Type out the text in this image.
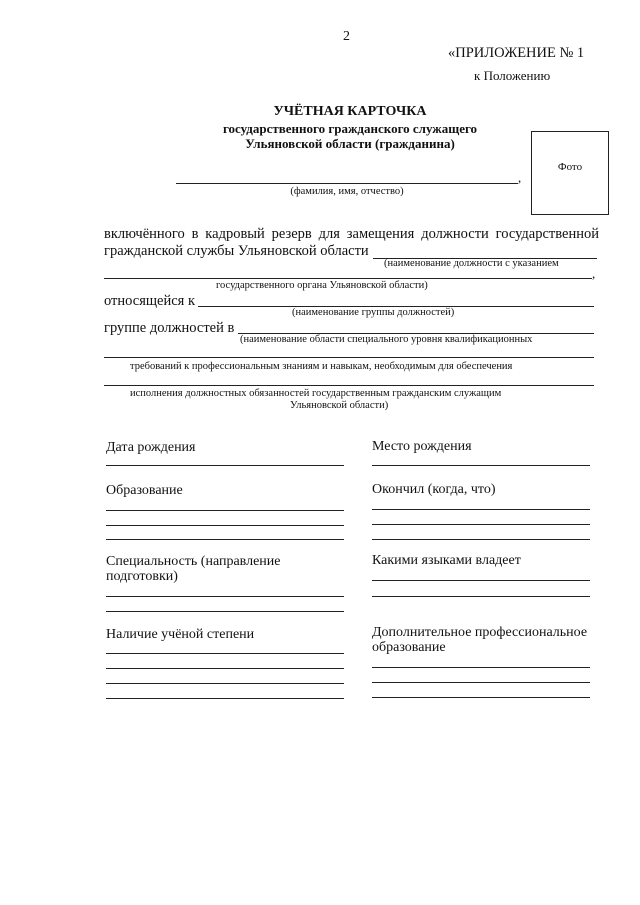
2
«ПРИЛОЖЕНИЕ № 1
к Положению
УЧЁТНАЯ КАРТОЧКА
государственного гражданского служащего
Ульяновской области (гражданина)
Фото
,
(фамилия, имя, отчество)
включённого в кадровый резерв для замещения должности государственной
гражданской службы Ульяновской области
(наименование должности с указанием
,
государственного органа Ульяновской области)
относящейся к
(наименование группы должностей)
группе должностей в
(наименование области специального уровня квалификационных
требований к профессиональным знаниям и навыкам, необходимым для обеспечения
исполнения должностных обязанностей государственным гражданским служащим
Ульяновской области)
Дата рождения
Образование
Специальность (направление
подготовки)
Наличие учёной степени
Место рождения
Окончил (когда, что)
Какими языками владеет
Дополнительное профессиональное
образование
